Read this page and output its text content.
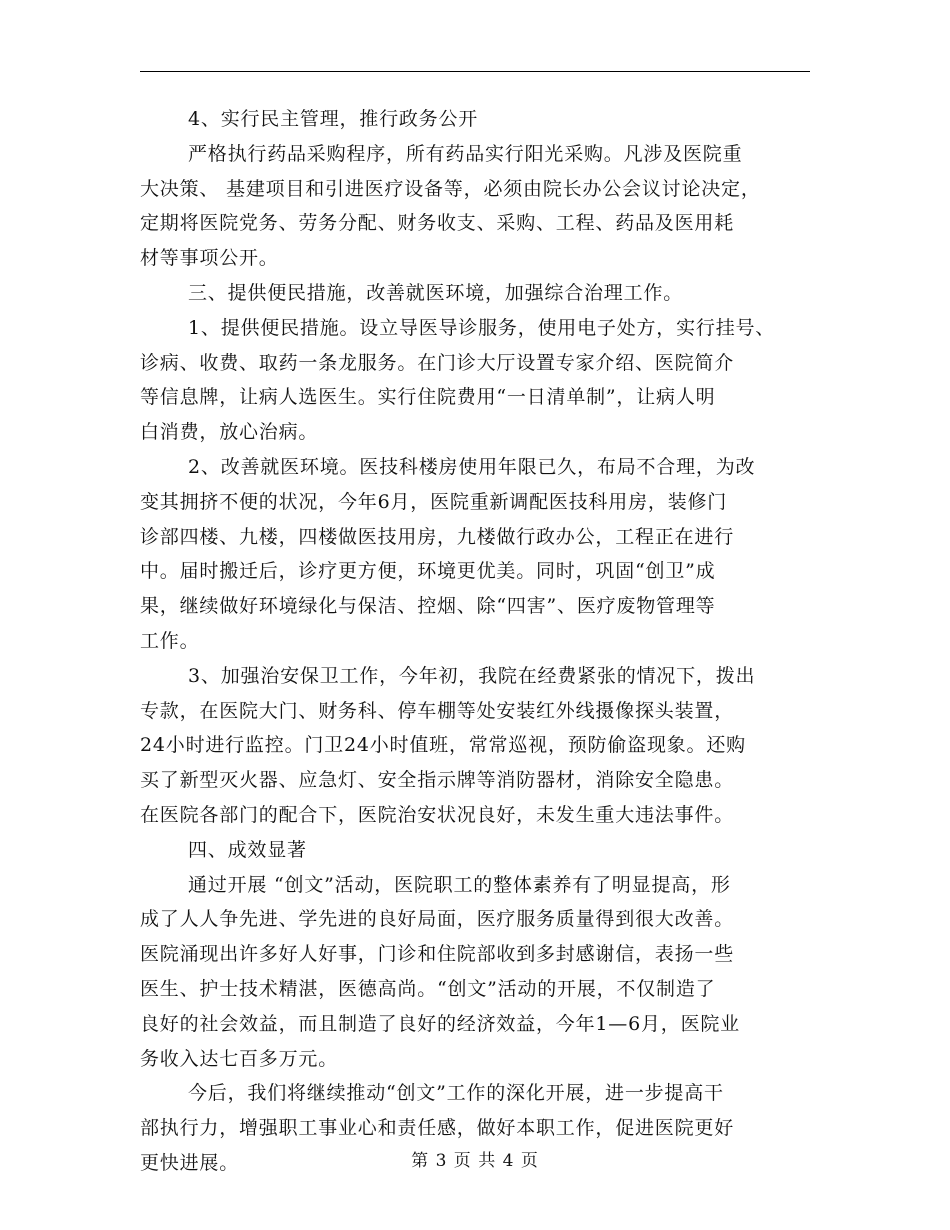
4、实行民主管理，推行政务公开
严格执行药品采购程序，所有药品实行阳光采购。凡涉及医院重
大决策、 基建项目和引进医疗设备等，必须由院长办公会议讨论决定，
定期将医院党务、劳务分配、财务收支、采购、工程、药品及医用耗
材等事项公开。
三、提供便民措施，改善就医环境，加强综合治理工作。
1、提供便民措施。设立导医导诊服务，使用电子处方，实行挂号、
诊病、收费、取药一条龙服务。在门诊大厅设置专家介绍、医院简介
等信息牌，让病人选医生。实行住院费用“一日清单制”，让病人明
白消费，放心治病。
2、改善就医环境。医技科楼房使用年限已久，布局不合理，为改
变其拥挤不便的状况，今年6月，医院重新调配医技科用房，装修门
诊部四楼、九楼，四楼做医技用房，九楼做行政办公，工程正在进行
中。届时搬迁后，诊疗更方便，环境更优美。同时，巩固“创卫”成
果，继续做好环境绿化与保洁、控烟、除“四害”、医疗废物管理等
工作。
3、加强治安保卫工作，今年初，我院在经费紧张的情况下，拨出
专款，在医院大门、财务科、停车棚等处安装红外线摄像探头装置，
24小时进行监控。门卫24小时值班，常常巡视，预防偷盗现象。还购
买了新型灭火器、应急灯、安全指示牌等消防器材，消除安全隐患。
在医院各部门的配合下，医院治安状况良好，未发生重大违法事件。
四、成效显著
通过开展 “创文”活动，医院职工的整体素养有了明显提高，形
成了人人争先进、学先进的良好局面，医疗服务质量得到很大改善。
医院涌现出许多好人好事，门诊和住院部收到多封感谢信，表扬一些
医生、护士技术精湛，医德高尚。“创文”活动的开展，不仅制造了
良好的社会效益，而且制造了良好的经济效益，今年1—6月，医院业
务收入达七百多万元。
今后，我们将继续推动“创文”工作的深化开展，进一步提高干
部执行力，增强职工事业心和责任感，做好本职工作，促进医院更好
更快进展。	第 3 页 共 4 页
